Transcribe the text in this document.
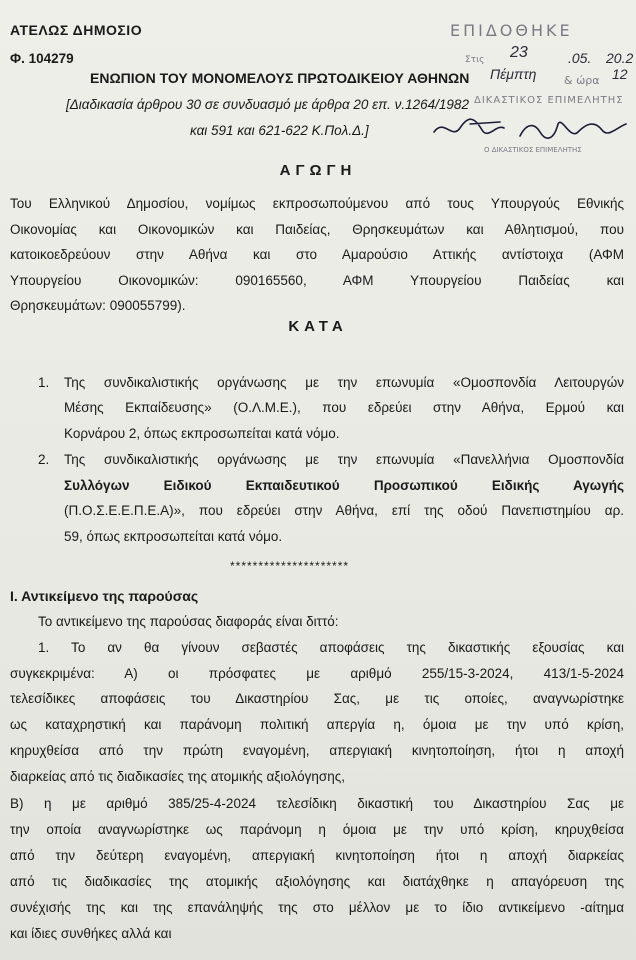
ΑΤΕΛΩΣ ΔΗΜΟΣΙΟ
Φ. 104279
ΕΝΩΠΙΟΝ ΤΟΥ ΜΟΝΟΜΕΛΟΥΣ ΠΡΩΤΟΔΙΚΕΙΟΥ ΑΘΗΝΩΝ
[Διαδικασία άρθρου 30 σε συνδυασμό με άρθρα 20 επ. ν.1264/1982
και 591 και 621-622 Κ.Πολ.Δ.]
ΕΠΙΔΟΘΗΚΕ
Στις 23	.05. 20.2
Πέμπτη	& ώρα 12
ΔΙΚΑΣΤΙΚΟΣ ΕΠΙΜΕΛΗΤΗΣ
Ο ΔΙΚΑΣΤΙΚΟΣ ΕΠΙΜΕΛΗΤΗΣ
ΑΓΩΓΗ
Του Ελληνικού Δημοσίου, νομίμως εκπροσωπούμενου από τους Υπουργούς Εθνικής
Οικονομίας και Οικονομικών και Παιδείας, Θρησκευμάτων και Αθλητισμού, που
κατοικοεδρεύουν στην Αθήνα και στο Αμαρούσιο Αττικής αντίστοιχα (ΑΦΜ
Υπουργείου Οικονομικών: 090165560, ΑΦΜ Υπουργείου Παιδείας και
Θρησκευμάτων: 090055799).
ΚΑΤΑ
1. Της συνδικαλιστικής οργάνωσης με την επωνυμία «Ομοσπονδία Λειτουργών
Μέσης Εκπαίδευσης» (Ο.Λ.Μ.Ε.), που εδρεύει στην Αθήνα, Ερμού και
Κορνάρου 2, όπως εκπροσωπείται κατά νόμο.
2. Της συνδικαλιστικής οργάνωσης με την επωνυμία «Πανελλήνια Ομοσπονδία
Συλλόγων Ειδικού Εκπαιδευτικού Προσωπικού Ειδικής Αγωγής
(Π.Ο.Σ.Ε.Ε.Π.Ε.Α)», που εδρεύει στην Αθήνα, επί της οδού Πανεπιστημίου αρ.
59, όπως εκπροσωπείται κατά νόμο.
*********************
Ι. Αντικείμενο της παρούσας
Το αντικείμενο της παρούσας διαφοράς είναι διττό:
1. Το αν θα γίνουν σεβαστές αποφάσεις της δικαστικής εξουσίας και
συγκεκριμένα: Α) οι πρόσφατες με αριθμό 255/15-3-2024, 413/1-5-2024
τελεσίδικες αποφάσεις του Δικαστηρίου Σας, με τις οποίες, αναγνωρίστηκε
ως καταχρηστική και παράνομη πολιτική απεργία η, όμοια με την υπό κρίση,
κηρυχθείσα από την πρώτη εναγομένη, απεργιακή κινητοποίηση, ήτοι η αποχή
διαρκείας από τις διαδικασίες της ατομικής αξιολόγησης,
Β) η με αριθμό 385/25-4-2024 τελεσίδικη δικαστική του Δικαστηρίου Σας με
την οποία αναγνωρίστηκε ως παράνομη η όμοια με την υπό κρίση, κηρυχθείσα
από την δεύτερη εναγομένη, απεργιακή κινητοποίηση ήτοι η αποχή διαρκείας
από τις διαδικασίες της ατομικής αξιολόγησης και διατάχθηκε η απαγόρευση της
συνέχισής της και της επανάληψής της στο μέλλον με το ίδιο αντικείμενο -αίτημα
και ίδιες συνθήκες αλλά και
